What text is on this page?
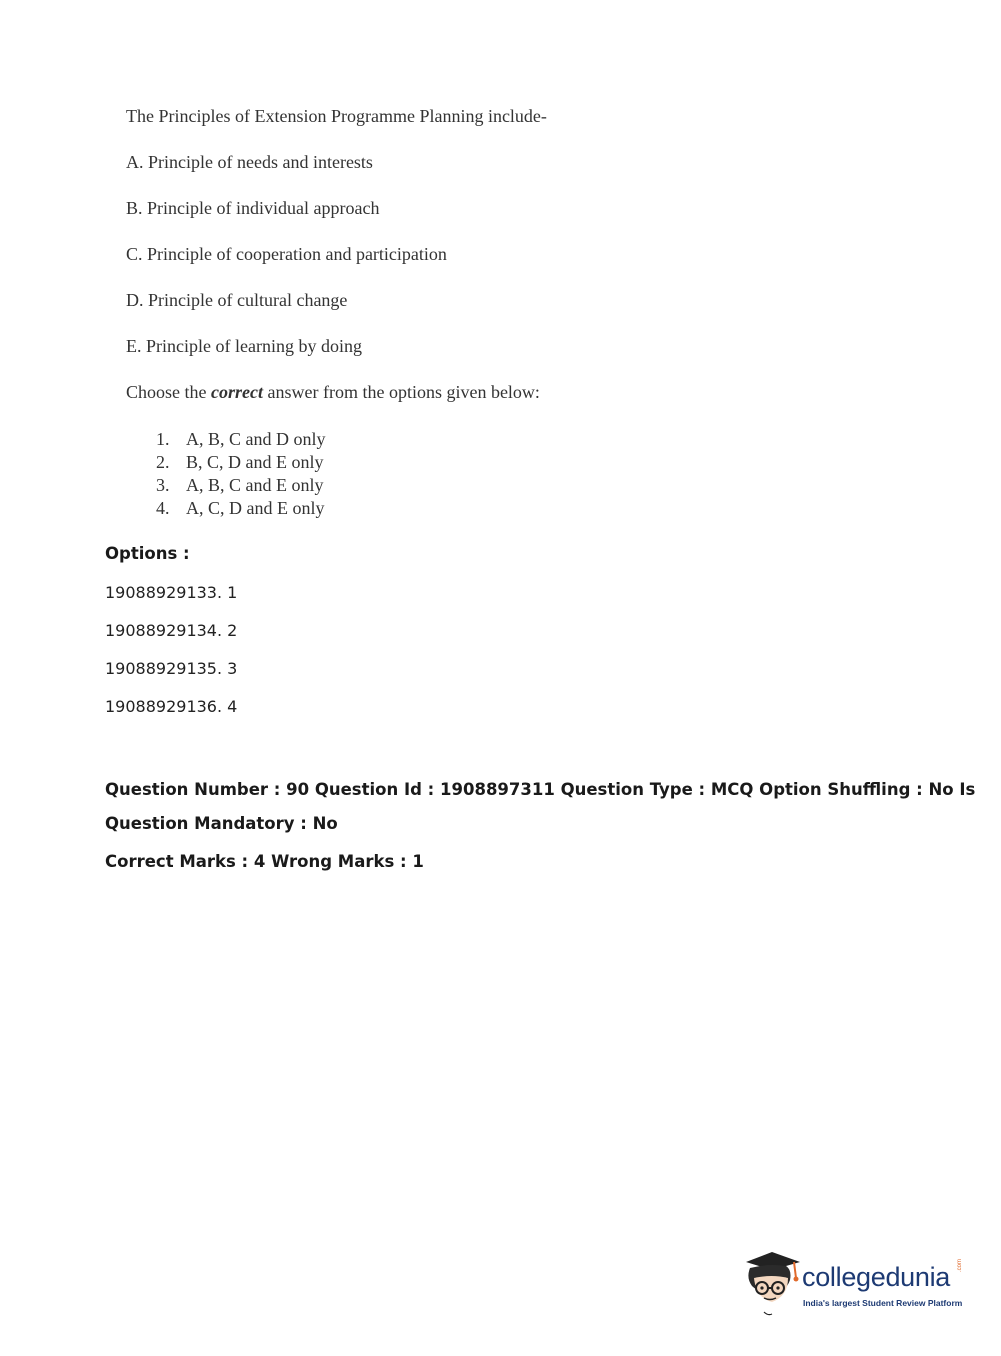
The Principles of Extension Programme Planning include-
A. Principle of needs and interests
B. Principle of individual approach
C. Principle of cooperation and participation
D. Principle of cultural change
E. Principle of learning by doing
Choose the correct answer from the options given below:
1. A, B, C and D only
2. B, C, D and E only
3. A, B, C and E only
4. A, C, D and E only
Options :
19088929133. 1
19088929134. 2
19088929135. 3
19088929136. 4
Question Number : 90 Question Id : 1908897311 Question Type : MCQ Option Shuffling : No Is
Question Mandatory : No
Correct Marks : 4 Wrong Marks : 1
collegedunia .com
India's largest Student Review Platform
